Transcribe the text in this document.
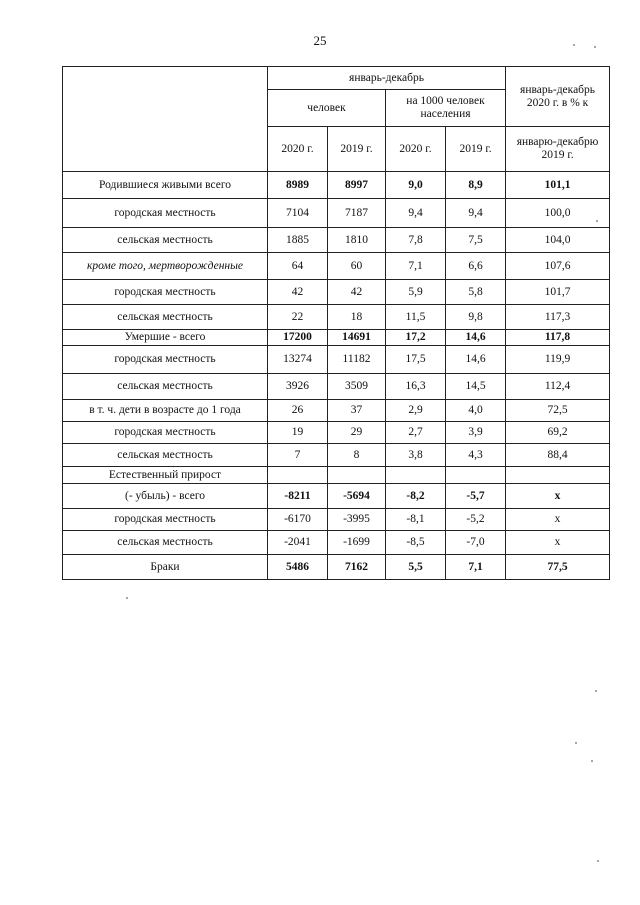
25
	январь-декабрь				январь-декабрь 2020 г. в % к
	человек		на 1000 человек населения		
	2020 г.	2019 г.	2020 г.	2019 г.	январю-декабрю 2019 г.
Родившиеся живыми всего	8989	8997	9,0	8,9	101,1
городская местность	7104	7187	9,4	9,4	100,0
сельская местность	1885	1810	7,8	7,5	104,0
кроме того, мертворожденные	64	60	7,1	6,6	107,6
городская местность	42	42	5,9	5,8	101,7
сельская местность	22	18	11,5	9,8	117,3
Умершие - всего	17200	14691	17,2	14,6	117,8
городская местность	13274	11182	17,5	14,6	119,9
сельская местность	3926	3509	16,3	14,5	112,4
в т. ч. дети в возрасте до 1 года	26	37	2,9	4,0	72,5
городская местность	19	29	2,7	3,9	69,2
сельская местность	7	8	3,8	4,3	88,4
Естественный прирост					
(- убыль) - всего	-8211	-5694	-8,2	-5,7	x
городская местность	-6170	-3995	-8,1	-5,2	x
сельская местность	-2041	-1699	-8,5	-7,0	x
Браки	5486	7162	5,5	7,1	77,5
